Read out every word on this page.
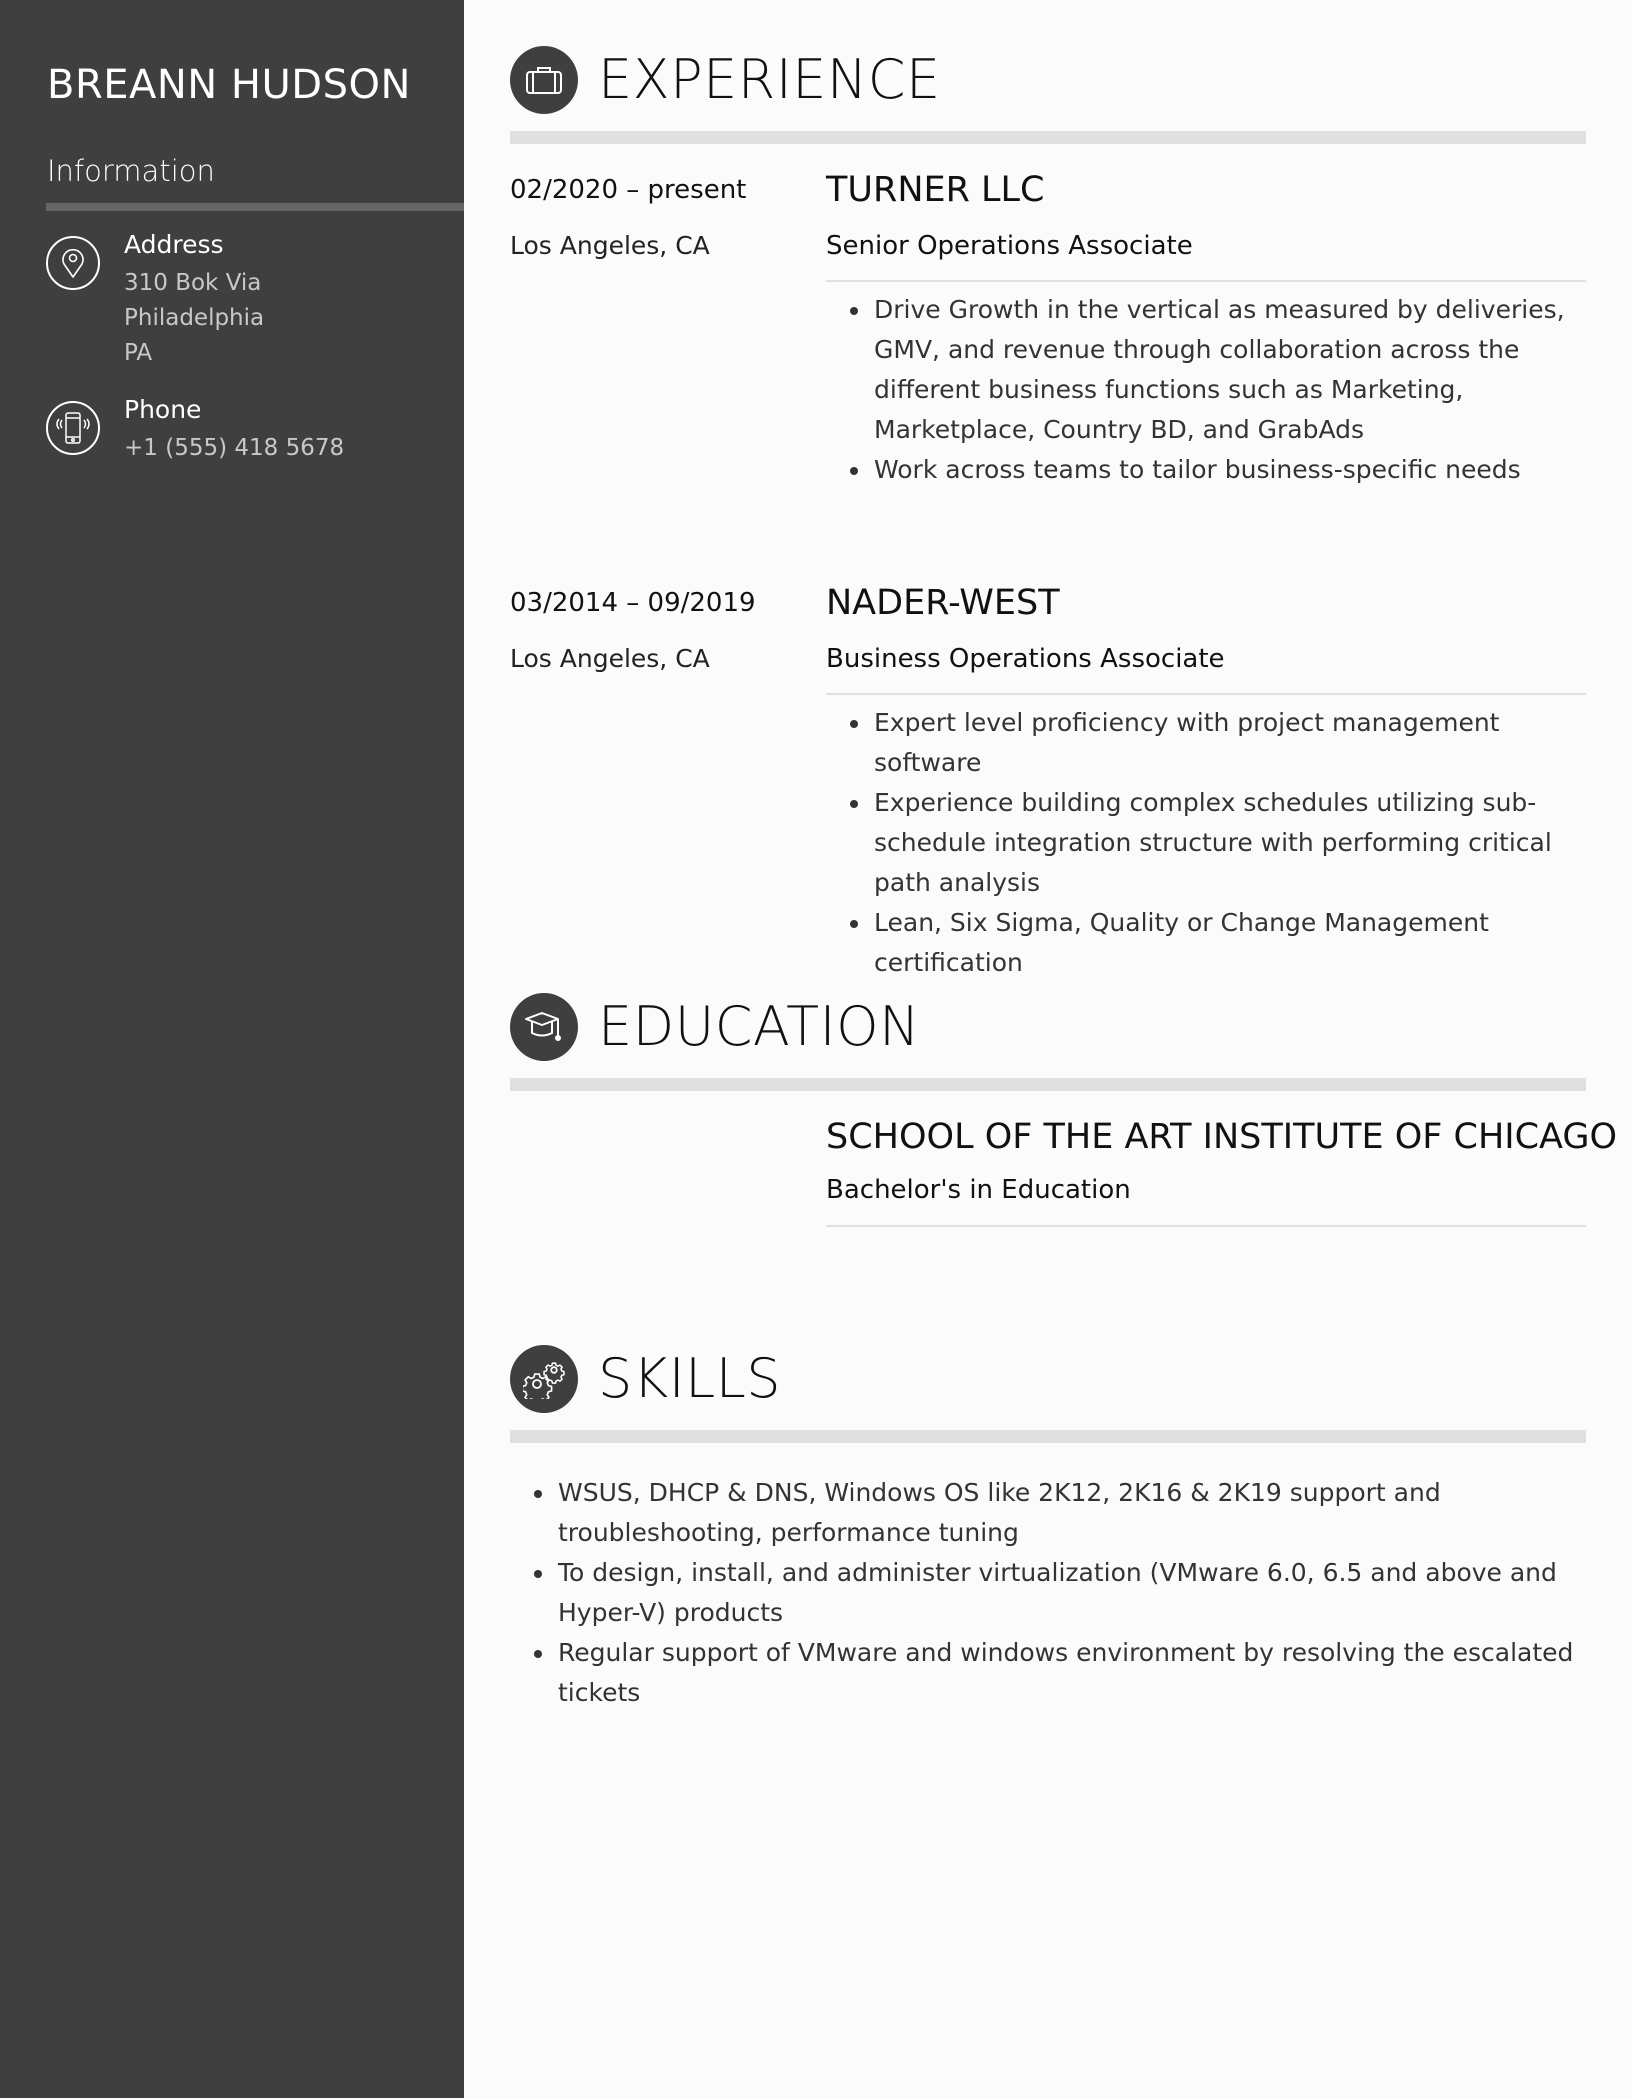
BREANN HUDSON
Information
Address
310 Bok Via
Philadelphia
PA
Phone
+1 (555) 418 5678
EXPERIENCE
02/2020 – present
Los Angeles, CA
TURNER LLC
Senior Operations Associate
Drive Growth in the vertical as measured by deliveries, GMV, and revenue through collaboration across the different business functions such as Marketing, Marketplace, Country BD, and GrabAds
Work across teams to tailor business-specific needs
03/2014 – 09/2019
Los Angeles, CA
NADER-WEST
Business Operations Associate
Expert level proficiency with project management software
Experience building complex schedules utilizing sub-schedule integration structure with performing critical path analysis
Lean, Six Sigma, Quality or Change Management certification
EDUCATION
SCHOOL OF THE ART INSTITUTE OF CHICAGO
Bachelor's in Education
SKILLS
WSUS, DHCP & DNS, Windows OS like 2K12, 2K16 & 2K19 support and troubleshooting, performance tuning
To design, install, and administer virtualization (VMware 6.0, 6.5 and above and Hyper-V) products
Regular support of VMware and windows environment by resolving the escalated tickets
